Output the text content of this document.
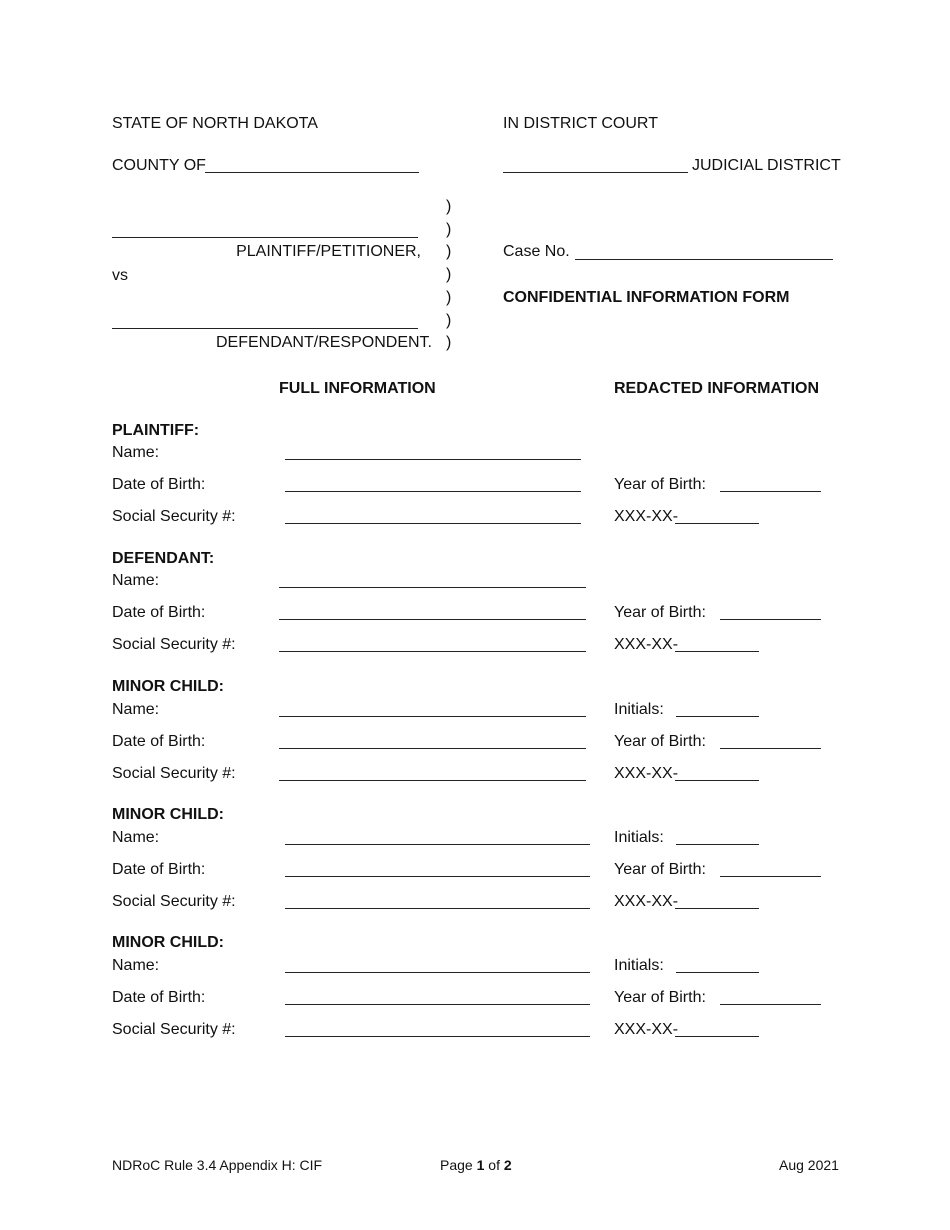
STATE OF NORTH DAKOTA	IN DISTRICT COURT
COUNTY OF	JUDICIAL DISTRICT
)
)
)
)
)
)
)
PLAINTIFF/PETITIONER,
vs
DEFENDANT/RESPONDENT.
Case No.
CONFIDENTIAL INFORMATION FORM
FULL INFORMATION	REDACTED INFORMATION
PLAINTIFF:
Name:
Date of Birth:	Year of Birth:
Social Security #:	XXX-XX-
DEFENDANT:
Name:
Date of Birth:	Year of Birth:
Social Security #:	XXX-XX-
MINOR CHILD:
Name:	Initials:
Date of Birth:	Year of Birth:
Social Security #:	XXX-XX-
MINOR CHILD:
Name:	Initials:
Date of Birth:	Year of Birth:
Social Security #:	XXX-XX-
MINOR CHILD:
Name:	Initials:
Date of Birth:	Year of Birth:
Social Security #:	XXX-XX-
NDRoC Rule 3.4 Appendix H: CIF	Page 1 of 2	Aug 2021
